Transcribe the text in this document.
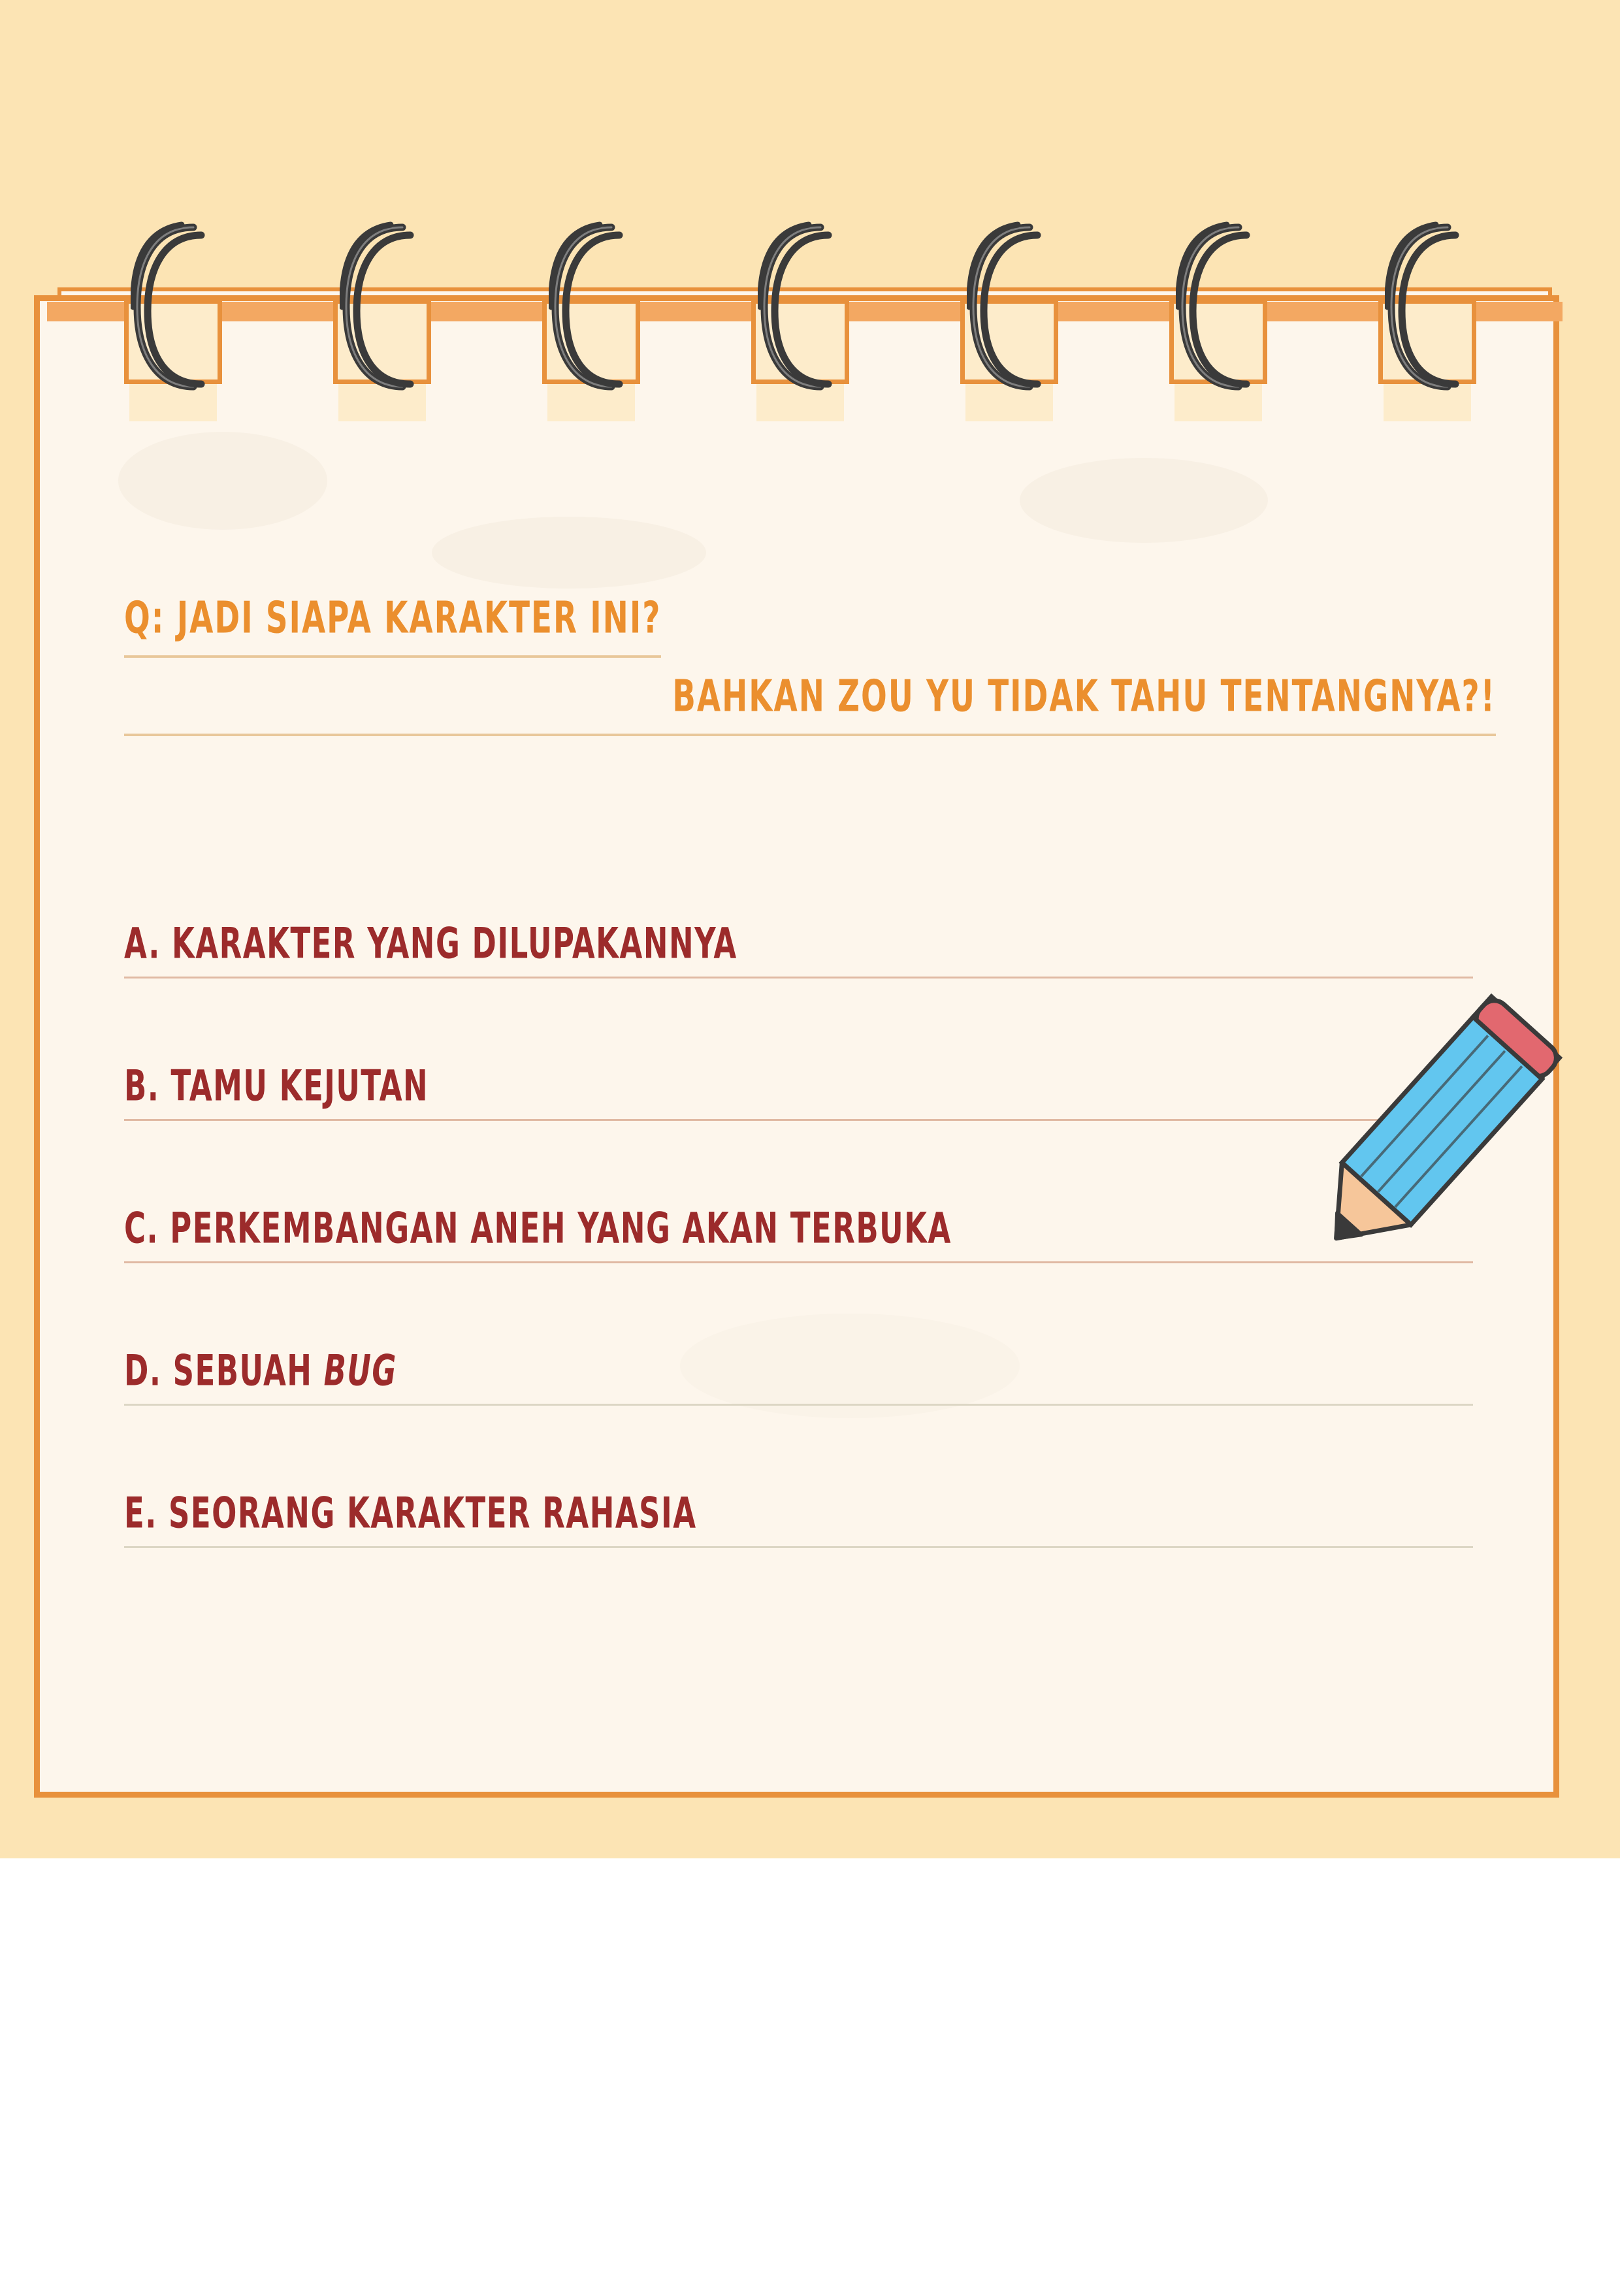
Q: JADI SIAPA KARAKTER INI?
BAHKAN ZOU YU TIDAK TAHU TENTANGNYA?!
A. KARAKTER YANG DILUPAKANNYA
B. TAMU KEJUTAN
C. PERKEMBANGAN ANEH YANG AKAN TERBUKA
D. SEBUAH BUG
E. SEORANG KARAKTER RAHASIA
